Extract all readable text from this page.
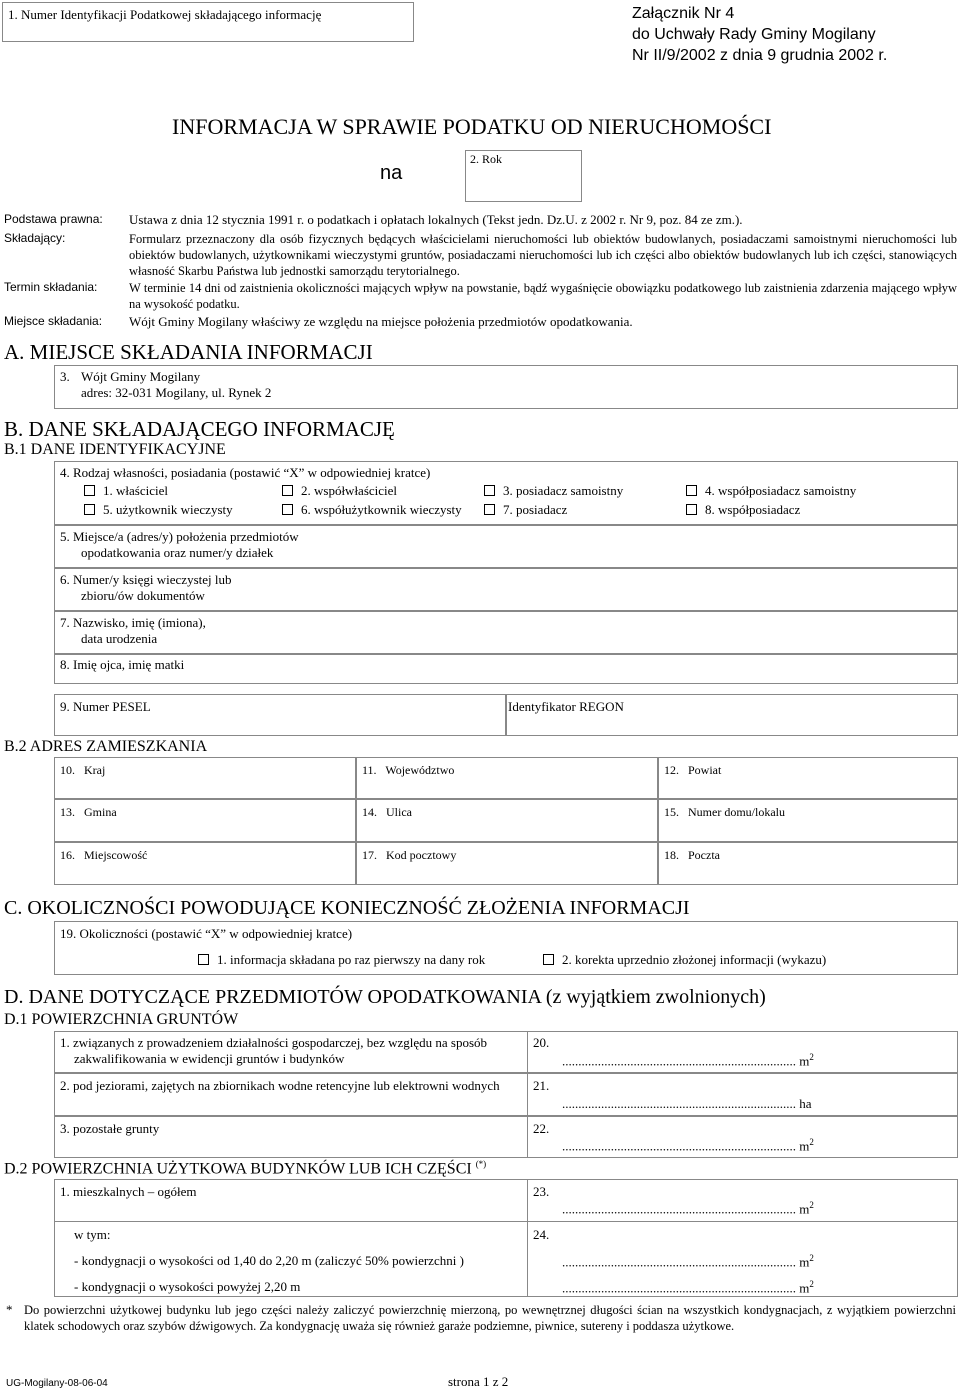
1. Numer Identyfikacji Podatkowej składającego informację	Załącznik Nr 4
do Uchwały Rady Gminy Mogilany
Nr II/9/2002 z dnia 9 grudnia 2002 r.
INFORMACJA W SPRAWIE PODATKU OD NIERUCHOMOŚCI
na
2. Rok
Podstawa prawna: Ustawa z dnia 12 stycznia 1991 r. o podatkach i opłatach lokalnych (Tekst jedn. Dz.U. z 2002 r. Nr 9, poz. 84 ze zm.).
Składający:	Formularz przeznaczony dla osób fizycznych będących właścicielami nieruchomości lub obiektów budowlanych, posiadaczami samoistnymi nieruchomości lub obiektów budowlanych, użytkownikami wieczystymi gruntów, posiadaczami nieruchomości lub ich części albo obiektów budowlanych lub ich części, stanowiących własność Skarbu Państwa lub jednostki samorządu terytorialnego.
Termin składania:	W terminie 14 dni od zaistnienia okoliczności mających wpływ na powstanie, bądź wygaśnięcie obowiązku podatkowego lub zaistnienia zdarzenia mającego wpływ na wysokość podatku.
Miejsce składania: Wójt Gminy Mogilany właściwy ze względu na miejsce położenia przedmiotów opodatkowania.
A. MIEJSCE SKŁADANIA INFORMACJI
3. Wójt Gminy Mogilany
adres: 32-031 Mogilany, ul. Rynek 2
B. DANE SKŁADAJĄCEGO INFORMACJĘ
B.1 DANE IDENTYFIKACYJNE
4. Rodzaj własności, posiadania (postawić “X” w odpowiedniej kratce)
1. właściciel	2. współwłaściciel	3. posiadacz samoistny	4. współposiadacz samoistny
5. użytkownik wieczysty	6. współużytkownik wieczysty	7. posiadacz	8. współposiadacz
5. Miejsce/a (adres/y) położenia przedmiotów
opodatkowania oraz numer/y działek
6. Numer/y księgi wieczystej lub
zbioru/ów dokumentów
7. Nazwisko, imię (imiona),
data urodzenia
8. Imię ojca, imię matki
9. Numer PESEL	Identyfikator REGON
B.2 ADRES ZAMIESZKANIA
10.   Kraj	11.   Województwo	12.   Powiat
13.   Gmina	14.   Ulica	15.   Numer domu/lokalu
16.   Miejscowość	17.   Kod pocztowy	18.   Poczta
C. OKOLICZNOŚCI POWODUJĄCE KONIECZNOŚĆ ZŁOŻENIA INFORMACJI
19. Okoliczności (postawić “X” w odpowiedniej kratce)
1. informacja składana po raz pierwszy na dany rok	2. korekta uprzednio złożonej informacji (wykazu)
D. DANE DOTYCZĄCE PRZEDMIOTÓW OPODATKOWANIA (z wyjątkiem zwolnionych)
D.1 POWIERZCHNIA GRUNTÓW
1. związanych z prowadzeniem działalności gospodarczej, bez względu na sposób
zakwalifikowania w ewidencji gruntów i budynków
20.
........................................................................ $m^2$
2. pod jeziorami, zajętych na zbiornikach wodne retencyjne lub elektrowni wodnych	21.
........................................................................ ha
3. pozostałe grunty	22.
........................................................................ $m^2$
D.2 POWIERZCHNIA UŻYTKOWA BUDYNKÓW LUB ICH CZĘŚCI (*)
1. mieszkalnych – ogółem	23.
........................................................................ $m^2$
w tym:	24.
- kondygnacji o wysokości od 1,40 do 2,20 m (zaliczyć 50% powierzchni )	........................................................................ $m^2$
- kondygnacji o wysokości powyżej 2,20 m	........................................................................ $m^2$
* Do powierzchni użytkowej budynku lub jego części należy zaliczyć powierzchnię mierzoną, po wewnętrznej długości ścian na wszystkich kondygnacjach, z wyjątkiem powierzchni klatek schodowych oraz szybów dźwigowych. Za kondygnację uważa się również garaże podziemne, piwnice, sutereny i poddasza użytkowe.
UG-Mogilany-08-06-04	strona 1 z 2
